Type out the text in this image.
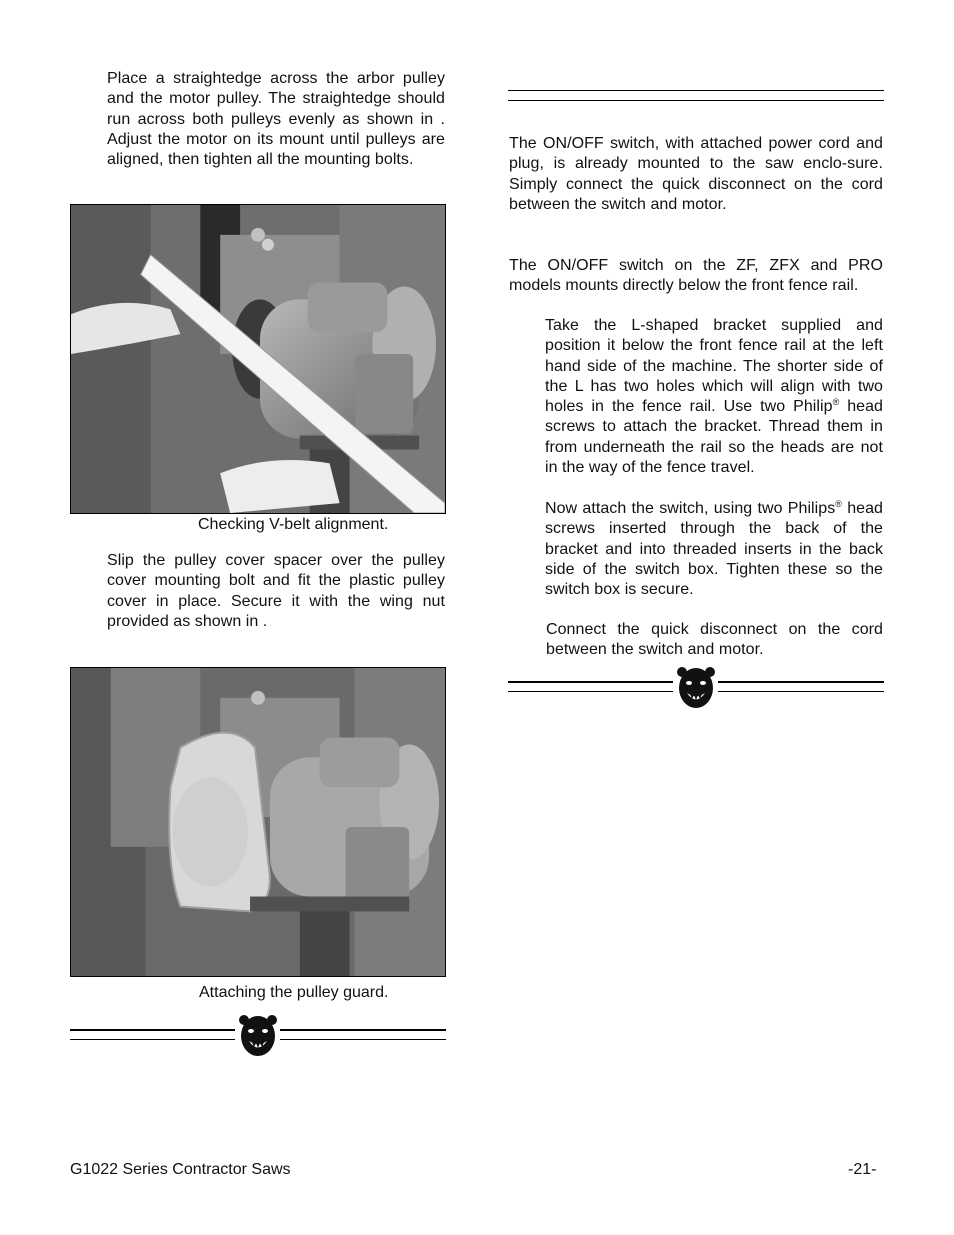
Place a straightedge across the arbor pulley and the motor pulley. The straightedge should run across both pulleys evenly as shown in . Adjust the motor on its mount until pulleys are aligned, then tighten all the mounting bolts.

Checking V-belt alignment.

Slip the pulley cover spacer over the pulley cover mounting bolt and fit the plastic pulley cover in place. Secure it with the wing nut provided as shown in .

Attaching the pulley guard.

The ON/OFF switch, with attached power cord and plug, is already mounted to the saw enclo-sure. Simply connect the quick disconnect on the cord between the switch and motor.

The ON/OFF switch on the ZF, ZFX and PRO models mounts directly below the front fence rail.

Take the L-shaped bracket supplied and position it below the front fence rail at the left hand side of the machine. The shorter side of the L has two holes which will align with two holes in the fence rail. Use two Philip® head screws to attach the bracket. Thread them in from underneath the rail so the heads are not in the way of the fence travel.

Now attach the switch, using two Philips® head screws inserted through the back of the bracket and into threaded inserts in the back side of the switch box. Tighten these so the switch box is secure.

Connect the quick disconnect on the cord between the switch and motor.

G1022 Series Contractor Saws	-21-
